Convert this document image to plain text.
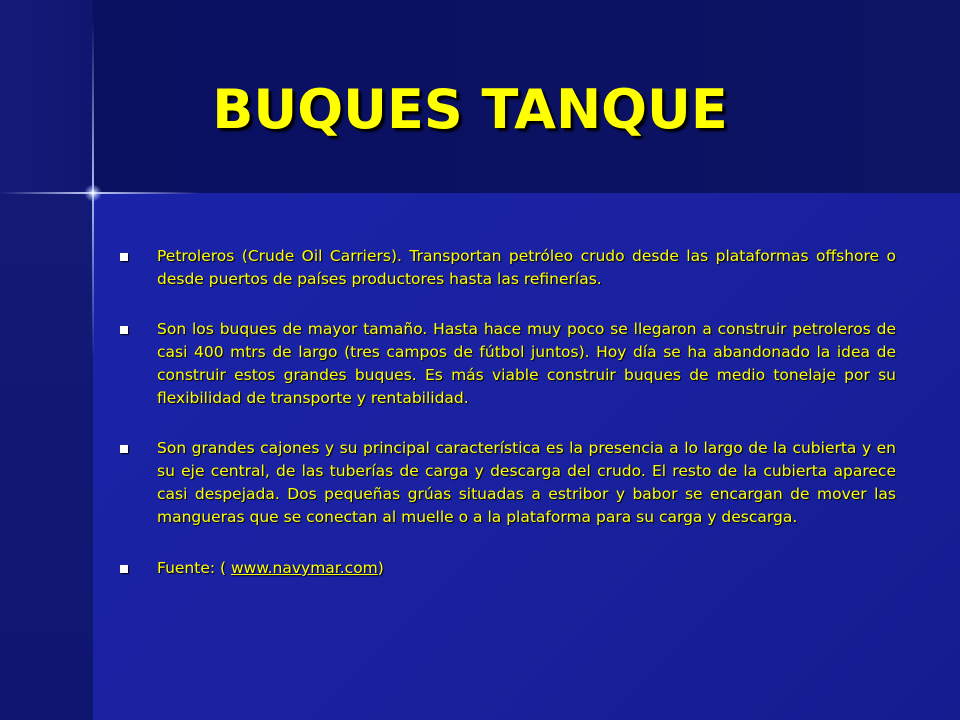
BUQUES TANQUE
Petroleros (Crude Oil Carriers). Transportan petróleo crudo desde las plataformas offshore o desde puertos de países productores hasta las refinerías.
Son los buques de mayor tamaño. Hasta hace muy poco se llegaron a construir petroleros de casi 400 mtrs de largo (tres campos de fútbol juntos). Hoy día se ha abandonado la idea de construir estos grandes buques. Es más viable construir buques de medio tonelaje por su flexibilidad de transporte y rentabilidad.
Son grandes cajones y su principal característica es la presencia a lo largo de la cubierta y en su eje central, de las tuberías de carga y descarga del crudo. El resto de la cubierta aparece casi despejada. Dos pequeñas grúas situadas a estribor y babor se encargan de mover las mangueras que se conectan al muelle o a la plataforma para su carga y descarga.
Fuente: ( www.navymar.com)
